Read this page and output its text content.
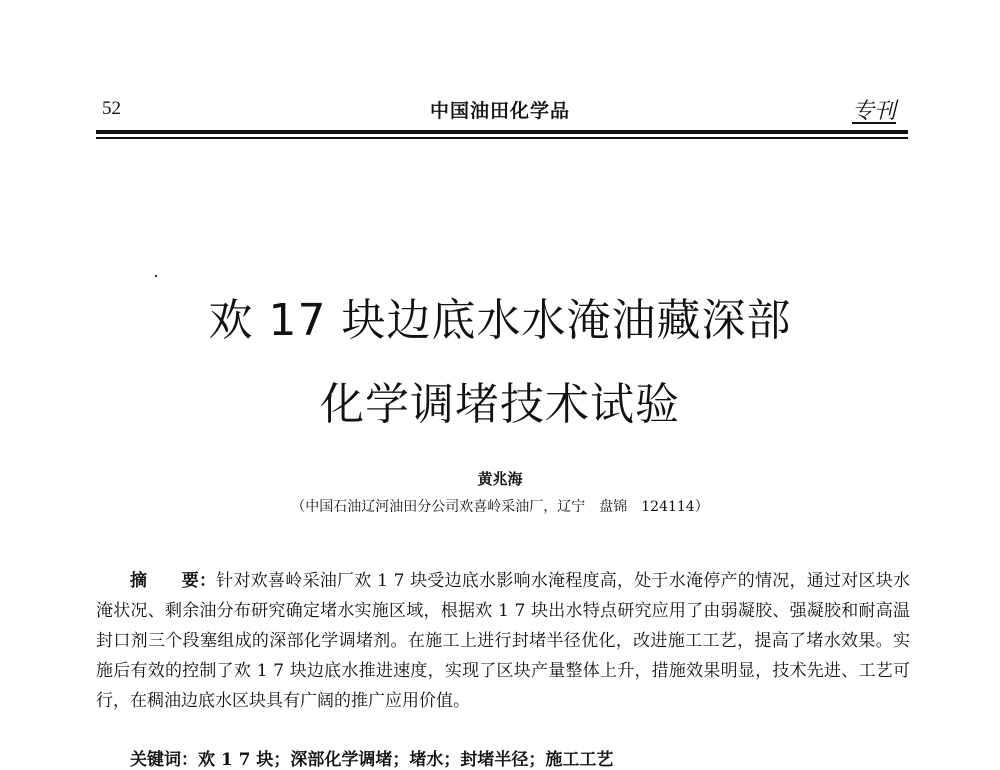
52	中国油田化学品	专刊
欢 17 块边底水水淹油藏深部
化学调堵技术试验
黄兆海
（中国石油辽河油田分公司欢喜岭采油厂，辽宁　盘锦　124114）
摘　　要：针对欢喜岭采油厂欢 1 7 块受边底水影响水淹程度高，处于水淹停产的情况，通过对区块水淹状况、剩余油分布研究确定堵水实施区域，根据欢 1 7 块出水特点研究应用了由弱凝胶、强凝胶和耐高温封口剂三个段塞组成的深部化学调堵剂。在施工上进行封堵半径优化，改进施工工艺，提高了堵水效果。实施后有效的控制了欢 1 7 块边底水推进速度，实现了区块产量整体上升，措施效果明显，技术先进、工艺可行，在稠油边底水区块具有广阔的推广应用价值。
关键词：欢 1 7 块；深部化学调堵；堵水；封堵半径；施工工艺
